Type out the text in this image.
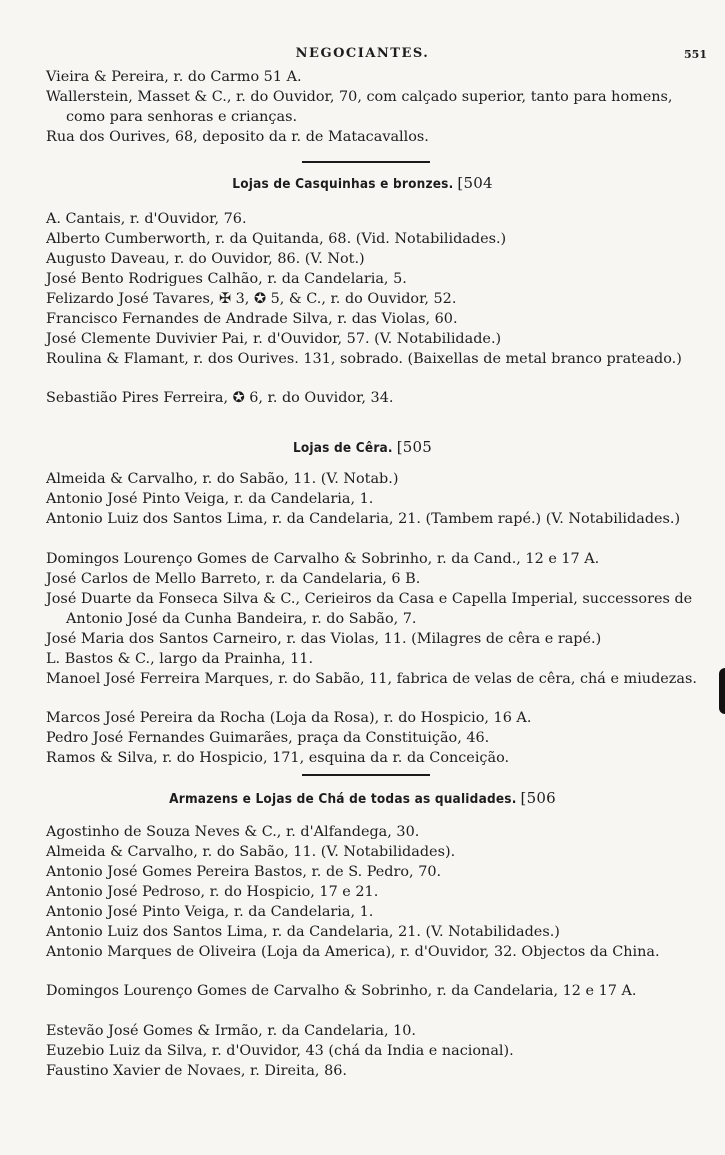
NEGOCIANTES.	551
Vieira & Pereira, r. do Carmo 51 A.
Wallerstein, Masset & C., r. do Ouvidor, 70, com calçado superior, tanto para homens, como para senhoras e crianças.
Rua dos Ourives, 68, deposito da r. de Matacavallos.
Lojas de Casquinhas e bronzes. [504
A. Cantais, r. d'Ouvidor, 76.
Alberto Cumberworth, r. da Quitanda, 68. (Vid. Notabilidades.)
Augusto Daveau, r. do Ouvidor, 86. (V. Not.)
José Bento Rodrigues Calhão, r. da Candelaria, 5.
Felizardo José Tavares, ✠ 3, ✪ 5, & C., r. do Ouvidor, 52.
Francisco Fernandes de Andrade Silva, r. das Violas, 60.
José Clemente Duvivier Pai, r. d'Ouvidor, 57. (V. Notabilidade.)
Roulina & Flamant, r. dos Ourives. 131, sobrado. (Baixellas de metal branco prateado.)
Sebastião Pires Ferreira, ✪ 6, r. do Ouvidor, 34.
Lojas de Cêra. [505
Almeida & Carvalho, r. do Sabão, 11. (V. Notab.)
Antonio José Pinto Veiga, r. da Candelaria, 1.
Antonio Luiz dos Santos Lima, r. da Candelaria, 21. (Tambem rapé.) (V. Notabilidades.)
Domingos Lourenço Gomes de Carvalho & Sobrinho, r. da Cand., 12 e 17 A.
José Carlos de Mello Barreto, r. da Candelaria, 6 B.
José Duarte da Fonseca Silva & C., Cerieiros da Casa e Capella Imperial, successores de Antonio José da Cunha Bandeira, r. do Sabão, 7.
José Maria dos Santos Carneiro, r. das Violas, 11. (Milagres de cêra e rapé.)
L. Bastos & C., largo da Prainha, 11.
Manoel José Ferreira Marques, r. do Sabão, 11, fabrica de velas de cêra, chá e miudezas.
Marcos José Pereira da Rocha (Loja da Rosa), r. do Hospicio, 16 A.
Pedro José Fernandes Guimarães, praça da Constituição, 46.
Ramos & Silva, r. do Hospicio, 171, esquina da r. da Conceição.
Armazens e Lojas de Chá de todas as qualidades. [506
Agostinho de Souza Neves & C., r. d'Alfandega, 30.
Almeida & Carvalho, r. do Sabão, 11. (V. Notabilidades).
Antonio José Gomes Pereira Bastos, r. de S. Pedro, 70.
Antonio José Pedroso, r. do Hospicio, 17 e 21.
Antonio José Pinto Veiga, r. da Candelaria, 1.
Antonio Luiz dos Santos Lima, r. da Candelaria, 21. (V. Notabilidades.)
Antonio Marques de Oliveira (Loja da America), r. d'Ouvidor, 32. Objectos da China.
Domingos Lourenço Gomes de Carvalho & Sobrinho, r. da Candelaria, 12 e 17 A.
Estevão José Gomes & Irmão, r. da Candelaria, 10.
Euzebio Luiz da Silva, r. d'Ouvidor, 43 (chá da India e nacional).
Faustino Xavier de Novaes, r. Direita, 86.
